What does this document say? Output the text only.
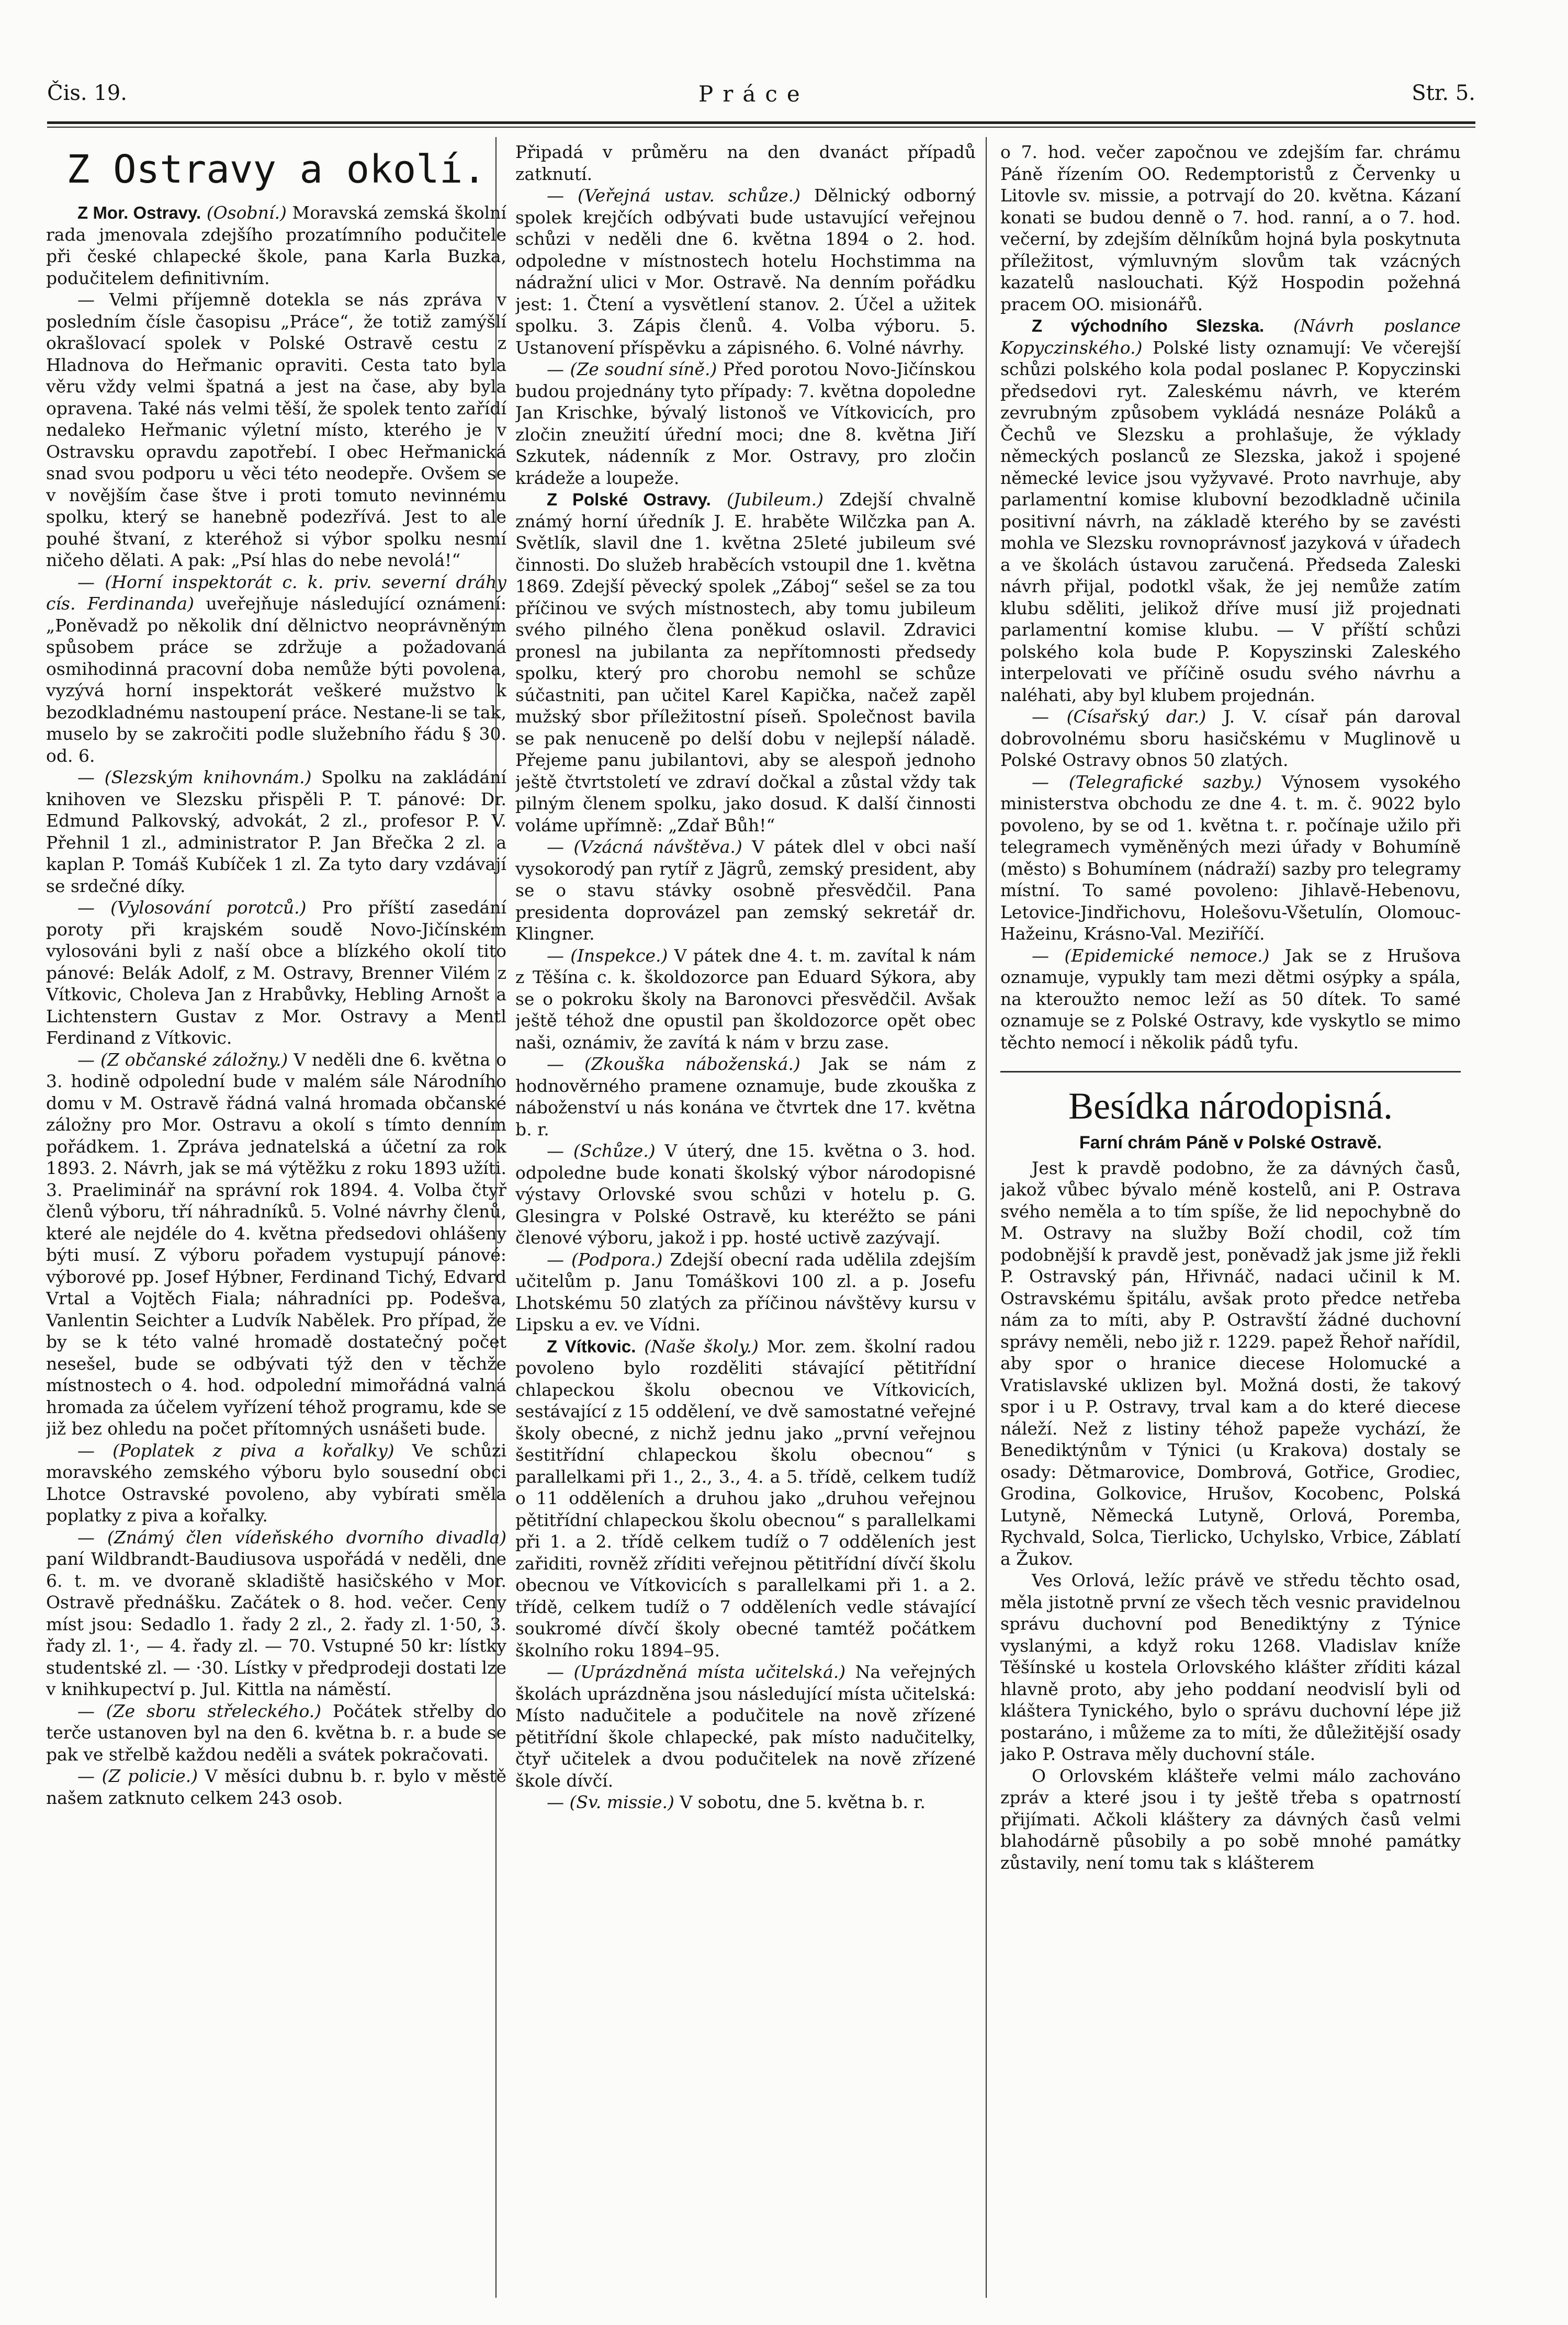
Čis. 19.	Práce	Str. 5.
Z Ostravy a okolí.

Z Mor. Ostravy. (Osobní.) Moravská zemská školní rada jmenovala zdejšího prozatímního podučitele při české chlapecké škole, pana Karla Buzka, podučitelem definitivním.

— Velmi příjemně dotekla se nás zpráva v posledním čísle časopisu „Práce“, že totiž zamýšlí okrašlovací spolek v Polské Ostravě cestu z Hladnova do Heřmanic opraviti. Cesta tato byla věru vždy velmi špatná a jest na čase, aby byla opravena. Také nás velmi těší, že spolek tento zařídí nedaleko Heřmanic výletní místo, kterého je v Ostravsku opravdu zapotřebí. I obec Heřmanická snad svou podporu u věci této neodepře. Ovšem se v novějším čase štve i proti tomuto nevinnému spolku, který se hanebně podezřívá. Jest to ale pouhé štvaní, z kteréhož si výbor spolku nesmí ničeho dělati. A pak: „Psí hlas do nebe nevolá!“

— (Horní inspektorát c. k. priv. severní dráhy cís. Ferdinanda) uveřejňuje následující oznámení: „Poněvadž po několik dní dělnictvo neoprávněným spůsobem práce se zdržuje a požadovaná osmihodinná pracovní doba nemůže býti povolena, vyzývá horní inspektorát veškeré mužstvo k bezodkladnému nastoupení práce. Nestane-li se tak, muselo by se zakročiti podle služebního řádu § 30. od. 6.

— (Slezským knihovnám.) Spolku na zakládání knihoven ve Slezsku přispěli P. T. pánové: Dr. Edmund Palkovský, advokát, 2 zl., profesor P. V. Přehnil 1 zl., administrator P. Jan Břečka 2 zl. a kaplan P. Tomáš Kubíček 1 zl. Za tyto dary vzdávají se srdečné díky.

— (Vylosování porotců.) Pro příští zasedání poroty při krajském soudě Novo-Jičínském vylosováni byli z naší obce a blízkého okolí tito pánové: Belák Adolf, z M. Ostravy, Brenner Vilém z Vítkovic, Choleva Jan z Hrabůvky, Hebling Arnošt a Lichtenstern Gustav z Mor. Ostravy a Mentl Ferdinand z Vítkovic.

— (Z občanské záložny.) V neděli dne 6. května o 3. hodině odpolední bude v malém sále Národního domu v M. Ostravě řádná valná hromada občanské záložny pro Mor. Ostravu a okolí s tímto denním pořádkem. 1. Zpráva jednatelská a účetní za rok 1893. 2. Návrh, jak se má výtěžku z roku 1893 užíti. 3. Praeliminář na správní rok 1894. 4. Volba čtyř členů výboru, tří náhradníků. 5. Volné návrhy členů, které ale nejdéle do 4. května předsedovi ohlášeny býti musí. Z výboru pořadem vystupují pánové: výborové pp. Josef Hýbner, Ferdinand Tichý, Edvard Vrtal a Vojtěch Fiala; náhradníci pp. Podešva, Vanlentin Seichter a Ludvík Nabělek. Pro případ, že by se k této valné hromadě dostatečný počet nesešel, bude se odbývati týž den v těchže místnostech o 4. hod. odpolední mimořádná valná hromada za účelem vyřízení téhož programu, kde se již bez ohledu na počet přítomných usnášeti bude.

— (Poplatek z piva a kořalky) Ve schůzi moravského zemského výboru bylo sousední obci Lhotce Ostravské povoleno, aby vybírati směla poplatky z piva a kořalky.

— (Známý člen vídeňského dvorního divadla) paní Wildbrandt-Baudiusova uspořádá v neděli, dne 6. t. m. ve dvoraně skladiště hasičského v Mor. Ostravě přednášku. Začátek o 8. hod. večer. Ceny míst jsou: Sedadlo 1. řady 2 zl., 2. řady zl. 1·50, 3. řady zl. 1·, — 4. řady zl. — 70. Vstupné 50 kr: lístky studentské zl. — ·30. Lístky v předprodeji dostati lze v knihkupectví p. Jul. Kittla na náměstí.

— (Ze sboru střeleckého.) Počátek střelby do terče ustanoven byl na den 6. května b. r. a bude se pak ve střelbě každou neděli a svátek pokračovati.

— (Z policie.) V měsíci dubnu b. r. bylo v městě našem zatknuto celkem 243 osob.

Připadá v průměru na den dvanáct případů zatknutí.

— (Veřejná ustav. schůze.) Dělnický odborný spolek krejčích odbývati bude ustavující veřejnou schůzi v neděli dne 6. května 1894 o 2. hod. odpoledne v místnostech hotelu Hochstimma na nádražní ulici v Mor. Ostravě. Na denním pořádku jest: 1. Čtení a vysvětlení stanov. 2. Účel a užitek spolku. 3. Zápis členů. 4. Volba výboru. 5. Ustanovení příspěvku a zápisného. 6. Volné návrhy.

— (Ze soudní síně.) Před porotou Novo-Jičínskou budou projednány tyto případy: 7. května dopoledne Jan Krischke, bývalý listonoš ve Vítkovicích, pro zločin zneužití úřední moci; dne 8. května Jiří Szkutek, nádenník z Mor. Ostravy, pro zločin krádeže a loupeže.

Z Polské Ostravy. (Jubileum.) Zdejší chvalně známý horní úředník J. E. hraběte Wilčzka pan A. Světlík, slavil dne 1. května 25leté jubileum své činnosti. Do služeb hraběcích vstoupil dne 1. května 1869. Zdejší pěvecký spolek „Záboj“ sešel se za tou příčinou ve svých místnostech, aby tomu jubileum svého pilného člena poněkud oslavil. Zdravici pronesl na jubilanta za nepřítomnosti předsedy spolku, který pro chorobu nemohl se schůze súčastniti, pan učitel Karel Kapička, načež zapěl mužský sbor příležitostní píseň. Společnost bavila se pak nenuceně po delší dobu v nejlepší náladě. Přejeme panu jubilantovi, aby se alespoň jednoho ještě čtvrtstoletí ve zdraví dočkal a zůstal vždy tak pilným členem spolku, jako dosud. K další činnosti voláme upřímně: „Zdař Bůh!“

— (Vzácná návštěva.) V pátek dlel v obci naší vysokorodý pan rytíř z Jägrů, zemský president, aby se o stavu stávky osobně přesvědčil. Pana presidenta doprovázel pan zemský sekretář dr. Klingner.

— (Inspekce.) V pátek dne 4. t. m. zavítal k nám z Těšína c. k. školdozorce pan Eduard Sýkora, aby se o pokroku školy na Baronovci přesvědčil. Avšak ještě téhož dne opustil pan školdozorce opět obec naši, oznámiv, že zavítá k nám v brzu zase.

— (Zkouška náboženská.) Jak se nám z hodnověrného pramene oznamuje, bude zkouška z náboženství u nás konána ve čtvrtek dne 17. května b. r.

— (Schůze.) V úterý, dne 15. května o 3. hod. odpoledne bude konati školský výbor národopisné výstavy Orlovské svou schůzi v hotelu p. G. Glesingra v Polské Ostravě, ku kteréžto se páni členové výboru, jakož i pp. hosté uctivě zazývají.

— (Podpora.) Zdejší obecní rada udělila zdejším učitelům p. Janu Tomáškovi 100 zl. a p. Josefu Lhotskému 50 zlatých za příčinou návštěvy kursu v Lipsku a ev. ve Vídni.

Z Vítkovic. (Naše školy.) Mor. zem. školní radou povoleno bylo rozděliti stávající pětitřídní chlapeckou školu obecnou ve Vítkovicích, sestávající z 15 oddělení, ve dvě samostatné veřejné školy obecné, z nichž jednu jako „první veřejnou šestitřídní chlapeckou školu obecnou“ s parallelkami při 1., 2., 3., 4. a 5. třídě, celkem tudíž o 11 odděleních a druhou jako „druhou veřejnou pětitřídní chlapeckou školu obecnou“ s parallelkami při 1. a 2. třídě celkem tudíž o 7 odděleních jest zařiditi, rovněž zříditi veřejnou pětitřídní dívčí školu obecnou ve Vítkovicích s parallelkami při 1. a 2. třídě, celkem tudíž o 7 odděleních vedle stávající soukromé dívčí školy obecné tamtéž počátkem školního roku 1894–95.

— (Uprázdněná místa učitelská.) Na veřejných školách uprázdněna jsou následující místa učitelská: Místo nadučitele a podučitele na nově zřízené pětitřídní škole chlapecké, pak místo nadučitelky, čtyř učitelek a dvou podučitelek na nově zřízené škole dívčí.

— (Sv. missie.) V sobotu, dne 5. května b. r.

o 7. hod. večer započnou ve zdejším far. chrámu Páně řízením OO. Redemptoristů z Červenky u Litovle sv. missie, a potrvají do 20. května. Kázaní konati se budou denně o 7. hod. ranní, a o 7. hod. večerní, by zdejším dělníkům hojná byla poskytnuta příležitost, výmluvným slovům tak vzácných kazatelů naslouchati. Kýž Hospodin požehná pracem OO. misionářů.

Z východního Slezska. (Návrh poslance Kopyczinského.) Polské listy oznamují: Ve včerejší schůzi polského kola podal poslanec P. Kopyczinski předsedovi ryt. Zaleskému návrh, ve kterém zevrubným způsobem vykládá nesnáze Poláků a Čechů ve Slezsku a prohlašuje, že výklady německých poslanců ze Slezska, jakož i spojené německé levice jsou vyžyvavé. Proto navrhuje, aby parlamentní komise klubovní bezodkladně učinila positivní návrh, na základě kterého by se zavésti mohla ve Slezsku rovnoprávnosť jazyková v úřadech a ve školách ústavou zaručená. Předseda Zaleski návrh přijal, podotkl však, že jej nemůže zatím klubu sděliti, jelikož dříve musí již projednati parlamentní komise klubu. — V příští schůzi polského kola bude P. Kopyszinski Zaleského interpelovati ve příčině osudu svého návrhu a naléhati, aby byl klubem projednán.

— (Císařský dar.) J. V. císař pán daroval dobrovolnému sboru hasičskému v Muglinově u Polské Ostravy obnos 50 zlatých.

— (Telegrafické sazby.) Výnosem vysokého ministerstva obchodu ze dne 4. t. m. č. 9022 bylo povoleno, by se od 1. května t. r. počínaje užilo při telegramech vyměněných mezi úřady v Bohumíně (město) s Bohumínem (nádraží) sazby pro telegramy místní. To samé povoleno: Jihlavě-Hebenovu, Letovice-Jindřichovu, Holešovu-Všetulín, Olomouc-Hažeinu, Krásno-Val. Meziříčí.

— (Epidemické nemoce.) Jak se z Hrušova oznamuje, vypukly tam mezi dětmi osýpky a spála, na kteroužto nemoc leží as 50 dítek. To samé oznamuje se z Polské Ostravy, kde vyskytlo se mimo těchto nemocí i několik pádů tyfu.

Besídka národopisná.
Farní chrám Páně v Polské Ostravě.

Jest k pravdě podobno, že za dávných časů, jakož vůbec bývalo méně kostelů, ani P. Ostrava svého neměla a to tím spíše, že lid nepochybně do M. Ostravy na služby Boží chodil, což tím podobnější k pravdě jest, poněvadž jak jsme již řekli P. Ostravský pán, Hřivnáč, nadaci učinil k M. Ostravskému špitálu, avšak proto předce netřeba nám za to míti, aby P. Ostravští žádné duchovní správy neměli, nebo již r. 1229. papež Řehoř nařídil, aby spor o hranice diecese Holomucké a Vratislavské uklizen byl. Možná dosti, že takový spor i u P. Ostravy, trval kam a do které diecese náleží. Než z listiny téhož papeže vychází, že Benediktýnům v Týnici (u Krakova) dostaly se osady: Dětmarovice, Dombrová, Gotřice, Grodiec, Grodina, Golkovice, Hrušov, Kocobenc, Polská Lutyně, Německá Lutyně, Orlová, Poremba, Rychvald, Solca, Tierlicko, Uchylsko, Vrbice, Záblatí a Žukov.

Ves Orlová, ležíc právě ve středu těchto osad, měla jistotně první ze všech těch vesnic pravidelnou správu duchovní pod Benediktýny z Týnice vyslanými, a když roku 1268. Vladislav kníže Těšínské u kostela Orlovského klášter zříditi kázal hlavně proto, aby jeho poddaní neodvislí byli od kláštera Tynického, bylo o správu duchovní lépe již postaráno, i můžeme za to míti, že důležitější osady jako P. Ostrava měly duchovní stále.

O Orlovském klášteře velmi málo zachováno zpráv a které jsou i ty ještě třeba s opatrností přijímati. Ačkoli kláštery za dávných časů velmi blahodárně působily a po sobě mnohé památky zůstavily, není tomu tak s klášterem
